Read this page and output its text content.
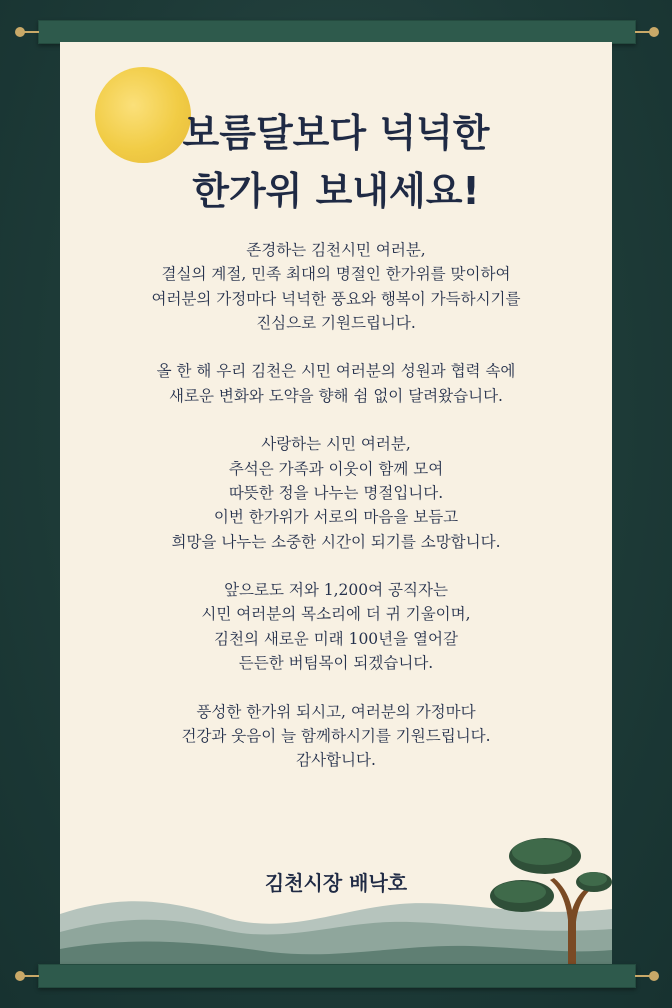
보름달보다 넉넉한
한가위 보내세요!
존경하는 김천시민 여러분,
결실의 계절, 민족 최대의 명절인 한가위를 맞이하여
여러분의 가정마다 넉넉한 풍요와 행복이 가득하시기를
진심으로 기원드립니다.
올 한 해 우리 김천은 시민 여러분의 성원과 협력 속에
새로운 변화와 도약을 향해 쉼 없이 달려왔습니다.
사랑하는 시민 여러분,
추석은 가족과 이웃이 함께 모여
따뜻한 정을 나누는 명절입니다.
이번 한가위가 서로의 마음을 보듬고
희망을 나누는 소중한 시간이 되기를 소망합니다.
앞으로도 저와 1,200여 공직자는
시민 여러분의 목소리에 더 귀 기울이며,
김천의 새로운 미래 100년을 열어갈
든든한 버팀목이 되겠습니다.
풍성한 한가위 되시고, 여러분의 가정마다
건강과 웃음이 늘 함께하시기를 기원드립니다.
감사합니다.
김천시장 배낙호
